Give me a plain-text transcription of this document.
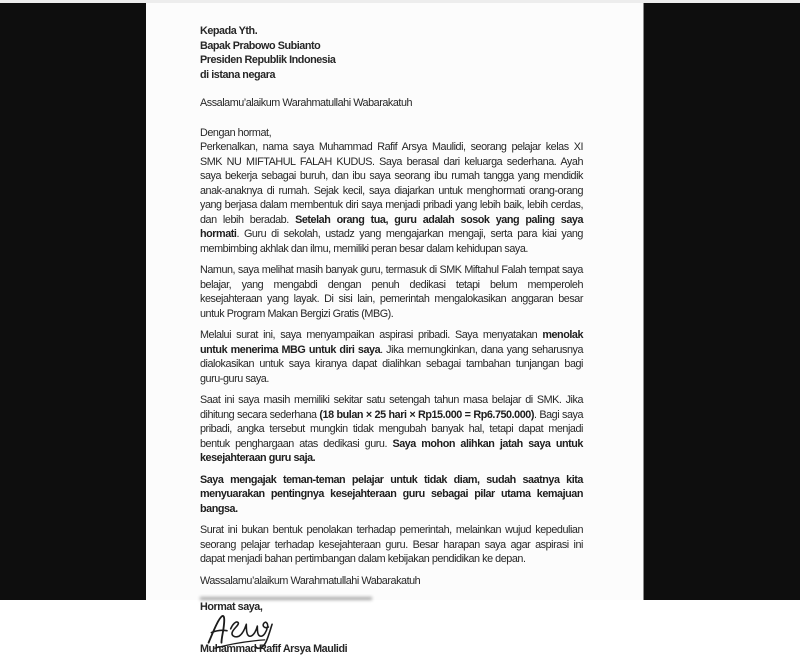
Kepada Yth.
Bapak Prabowo Subianto
Presiden Republik Indonesia
di istana negara

Assalamu’alaikum Warahmatullahi Wabarakatuh

Dengan hormat,
Perkenalkan, nama saya Muhammad Rafif Arsya Maulidi, seorang pelajar kelas XI SMK NU MIFTAHUL FALAH KUDUS. Saya berasal dari keluarga sederhana. Ayah saya bekerja sebagai buruh, dan ibu saya seorang ibu rumah tangga yang mendidik anak-anaknya di rumah. Sejak kecil, saya diajarkan untuk menghormati orang-orang yang berjasa dalam membentuk diri saya menjadi pribadi yang lebih baik, lebih cerdas, dan lebih beradab. Setelah orang tua, guru adalah sosok yang paling saya hormati. Guru di sekolah, ustadz yang mengajarkan mengaji, serta para kiai yang membimbing akhlak dan ilmu, memiliki peran besar dalam kehidupan saya.

Namun, saya melihat masih banyak guru, termasuk di SMK Miftahul Falah tempat saya belajar, yang mengabdi dengan penuh dedikasi tetapi belum memperoleh kesejahteraan yang layak. Di sisi lain, pemerintah mengalokasikan anggaran besar untuk Program Makan Bergizi Gratis (MBG).

Melalui surat ini, saya menyampaikan aspirasi pribadi. Saya menyatakan menolak untuk menerima MBG untuk diri saya. Jika memungkinkan, dana yang seharusnya dialokasikan untuk saya kiranya dapat dialihkan sebagai tambahan tunjangan bagi guru-guru saya.

Saat ini saya masih memiliki sekitar satu setengah tahun masa belajar di SMK. Jika dihitung secara sederhana (18 bulan × 25 hari × Rp15.000 = Rp6.750.000). Bagi saya pribadi, angka tersebut mungkin tidak mengubah banyak hal, tetapi dapat menjadi bentuk penghargaan atas dedikasi guru. Saya mohon alihkan jatah saya untuk kesejahteraan guru saja.

Saya mengajak teman-teman pelajar untuk tidak diam, sudah saatnya kita menyuarakan pentingnya kesejahteraan guru sebagai pilar utama kemajuan bangsa.

Surat ini bukan bentuk penolakan terhadap pemerintah, melainkan wujud kepedulian seorang pelajar terhadap kesejahteraan guru. Besar harapan saya agar aspirasi ini dapat menjadi bahan pertimbangan dalam kebijakan pendidikan ke depan.

Wassalamu’alaikum Warahmatullahi Wabarakatuh

Hormat saya,

Muhammad Rafif Arsya Maulidi
